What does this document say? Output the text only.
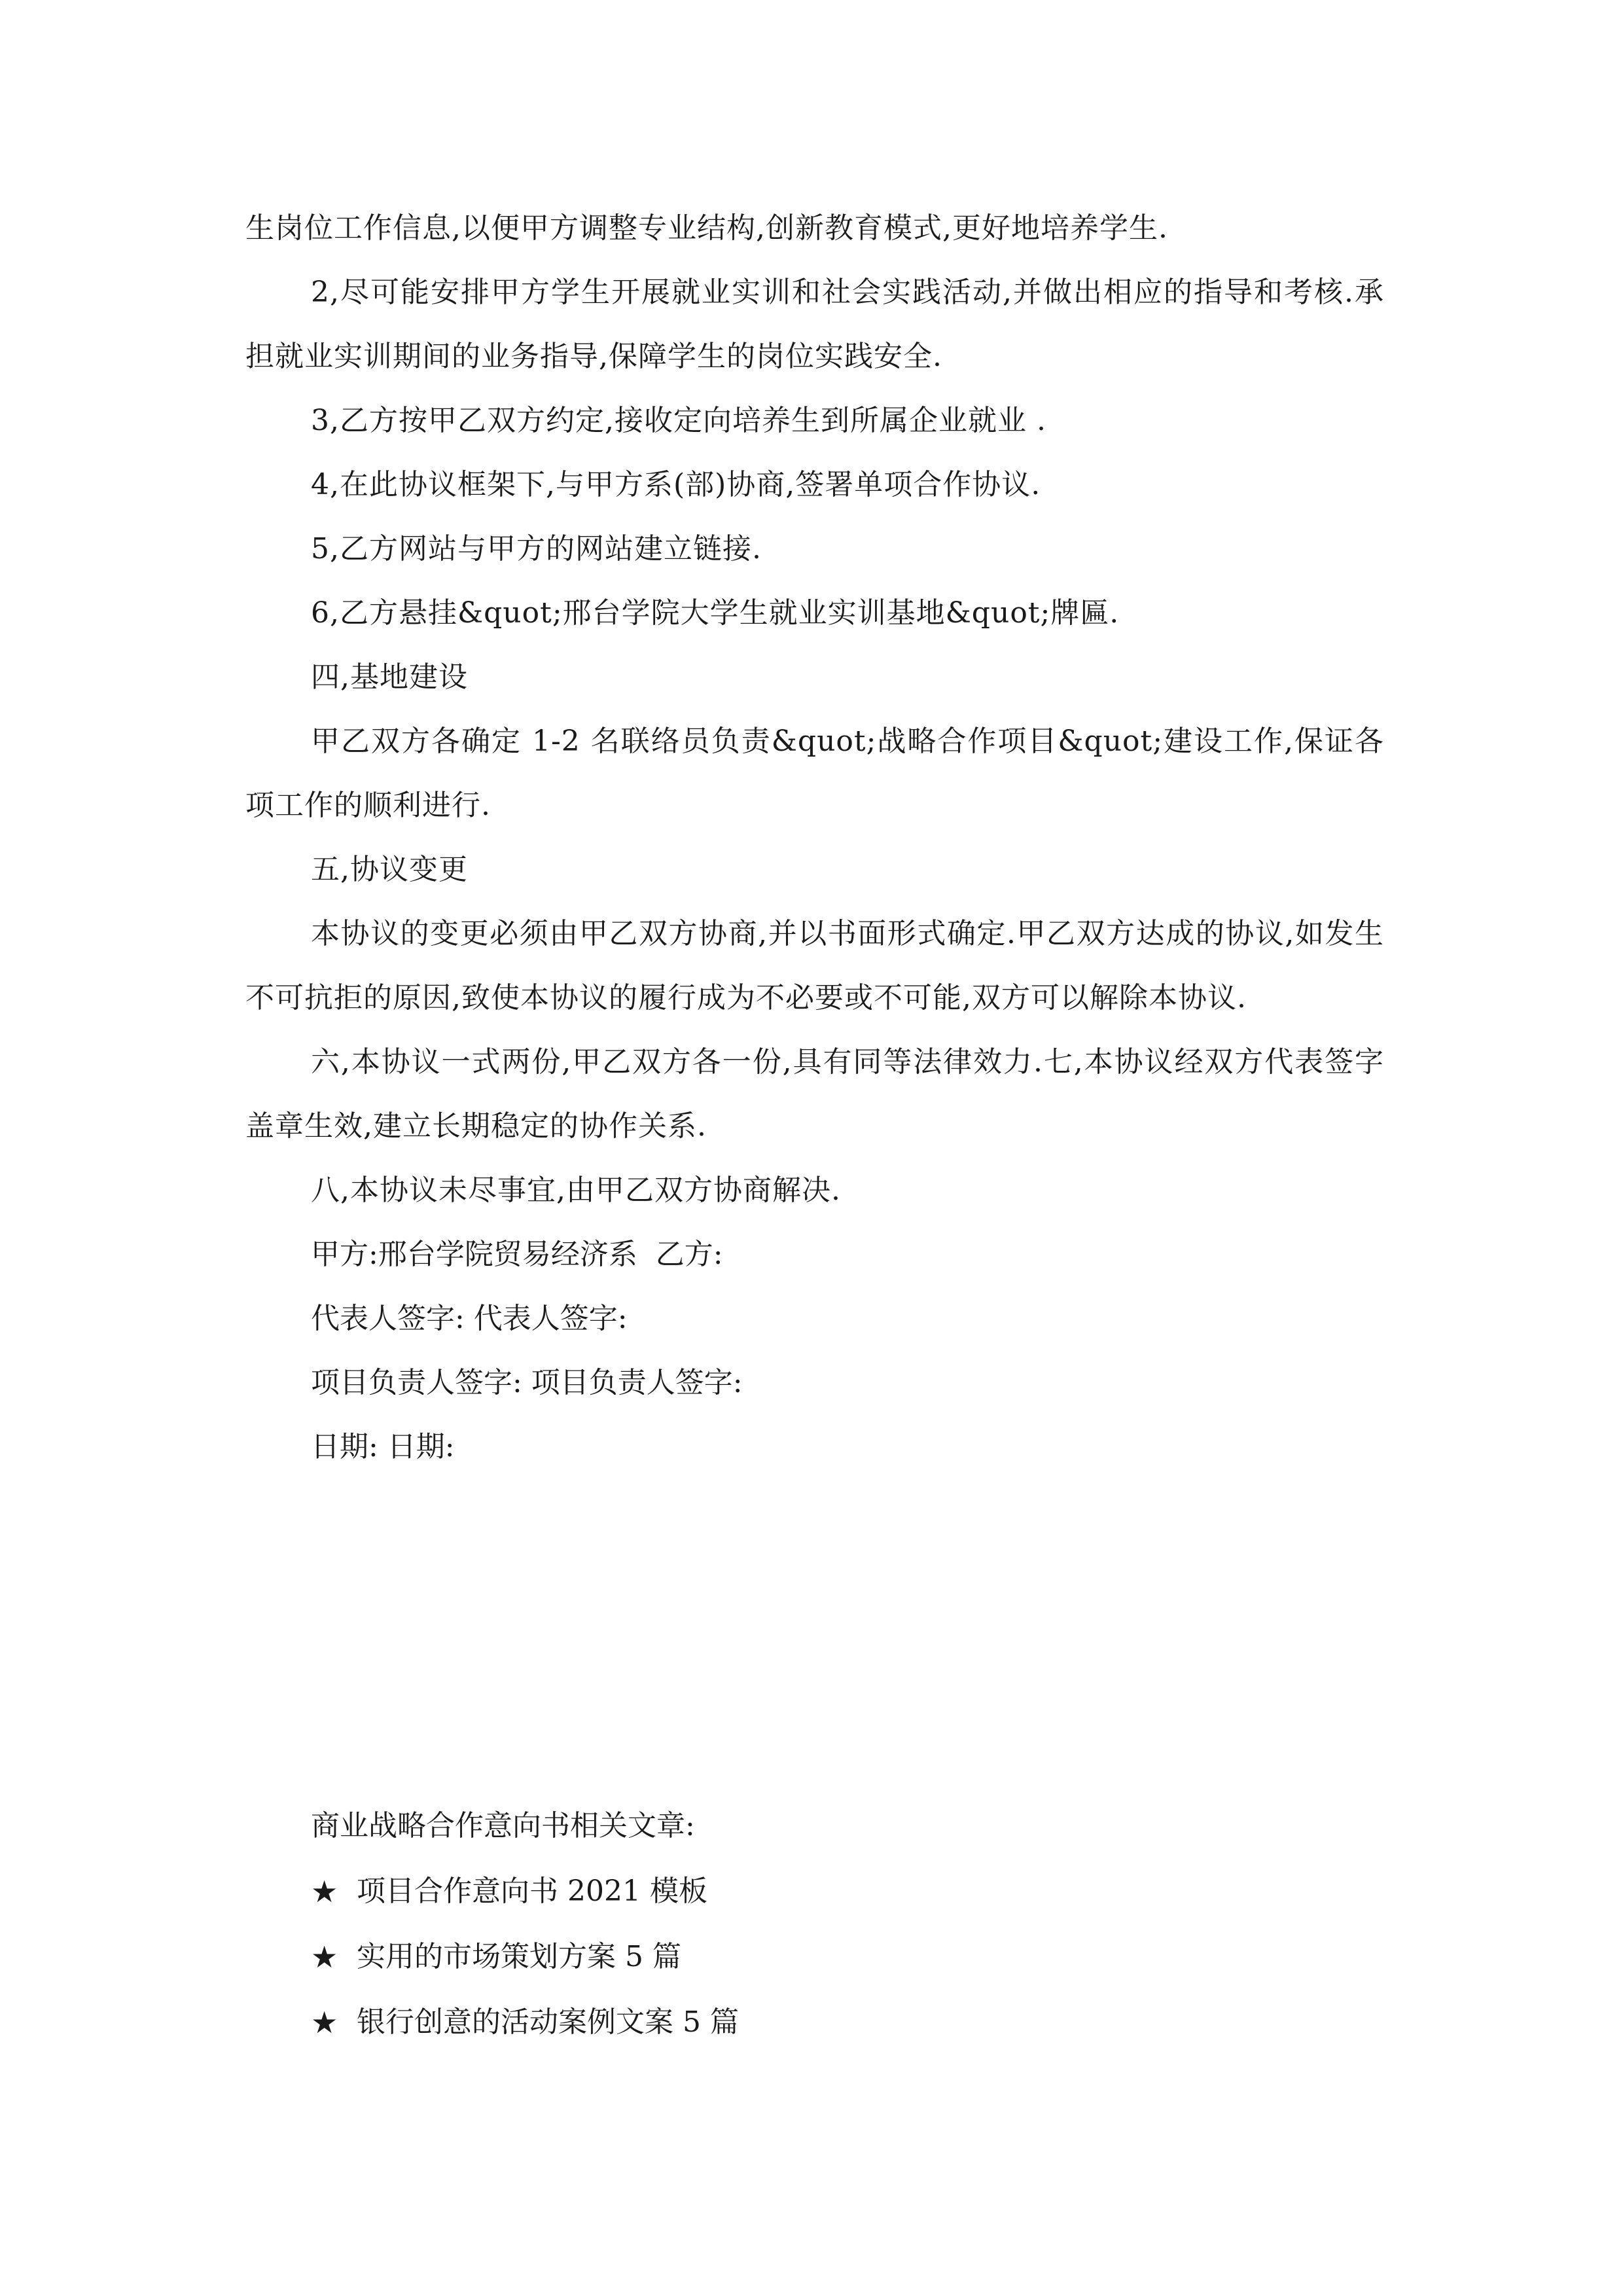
生岗位工作信息,以便甲方调整专业结构,创新教育模式,更好地培养学生.

2,尽可能安排甲方学生开展就业实训和社会实践活动,并做出相应的指导和考核.承担就业实训期间的业务指导,保障学生的岗位实践安全.

3,乙方按甲乙双方约定,接收定向培养生到所属企业就业 .

4,在此协议框架下,与甲方系(部)协商,签署单项合作协议.

5,乙方网站与甲方的网站建立链接.

6,乙方悬挂&quot;邢台学院大学生就业实训基地&quot;牌匾.

四,基地建设

甲乙双方各确定 1-2 名联络员负责&quot;战略合作项目&quot;建设工作,保证各项工作的顺利进行.

五,协议变更

本协议的变更必须由甲乙双方协商,并以书面形式确定.甲乙双方达成的协议,如发生不可抗拒的原因,致使本协议的履行成为不必要或不可能,双方可以解除本协议.

六,本协议一式两份,甲乙双方各一份,具有同等法律效力.七,本协议经双方代表签字盖章生效,建立长期稳定的协作关系.

八,本协议未尽事宜,由甲乙双方协商解决.

甲方:邢台学院贸易经济系  乙方:

代表人签字: 代表人签字:

项目负责人签字: 项目负责人签字:

日期: 日期:

商业战略合作意向书相关文章:

★ 项目合作意向书 2021 模板

★ 实用的市场策划方案 5 篇

★ 银行创意的活动案例文案 5 篇
